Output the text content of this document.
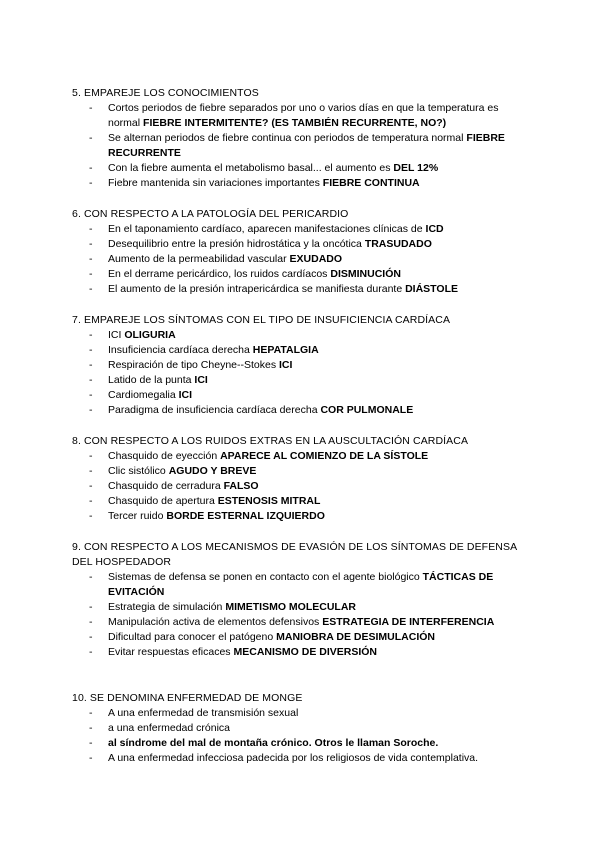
5. EMPAREJE LOS CONOCIMIENTOS

- Cortos periodos de fiebre separados por uno o varios días en que la temperatura es normal FIEBRE INTERMITENTE? (ES TAMBIÉN RECURRENTE, NO?)
- Se alternan periodos de fiebre continua con periodos de temperatura normal FIEBRE RECURRENTE
- Con la fiebre aumenta el metabolismo basal... el aumento es DEL 12%
- Fiebre mantenida sin variaciones importantes FIEBRE CONTINUA

6. CON RESPECTO A LA PATOLOGÍA DEL PERICARDIO

- En el taponamiento cardíaco, aparecen manifestaciones clínicas de ICD
- Desequilibrio entre la presión hidrostática y la oncótica TRASUDADO
- Aumento de la permeabilidad vascular EXUDADO
- En el derrame pericárdico, los ruidos cardíacos DISMINUCIÓN
- El aumento de la presión intrapericárdica se manifiesta durante DIÁSTOLE

7. EMPAREJE LOS SÍNTOMAS CON EL TIPO DE INSUFICIENCIA CARDÍACA

- ICI OLIGURIA
- Insuficiencia cardíaca derecha HEPATALGIA
- Respiración de tipo Cheyne--Stokes ICI
- Latido de la punta ICI
- Cardiomegalia ICI
- Paradigma de insuficiencia cardíaca derecha COR PULMONALE

8. CON RESPECTO A LOS RUIDOS EXTRAS EN LA AUSCULTACIÓN CARDÍACA

- Chasquido de eyección APARECE AL COMIENZO DE LA SÍSTOLE
- Clic sistólico AGUDO Y BREVE
- Chasquido de cerradura FALSO
- Chasquido de apertura ESTENOSIS MITRAL
- Tercer ruido BORDE ESTERNAL IZQUIERDO

9. CON RESPECTO A LOS MECANISMOS DE EVASIÓN DE LOS SÍNTOMAS DE DEFENSA DEL HOSPEDADOR

- Sistemas de defensa se ponen en contacto con el agente biológico TÁCTICAS DE EVITACIÓN
- Estrategia de simulación MIMETISMO MOLECULAR
- Manipulación activa de elementos defensivos ESTRATEGIA DE INTERFERENCIA
- Dificultad para conocer el patógeno MANIOBRA DE DESIMULACIÓN
- Evitar respuestas eficaces MECANISMO DE DIVERSIÓN

10. SE DENOMINA ENFERMEDAD DE MONGE

- A una enfermedad de transmisión sexual
- a una enfermedad crónica
- al síndrome del mal de montaña crónico. Otros le llaman Soroche.
- A una enfermedad infecciosa padecida por los religiosos de vida contemplativa.
